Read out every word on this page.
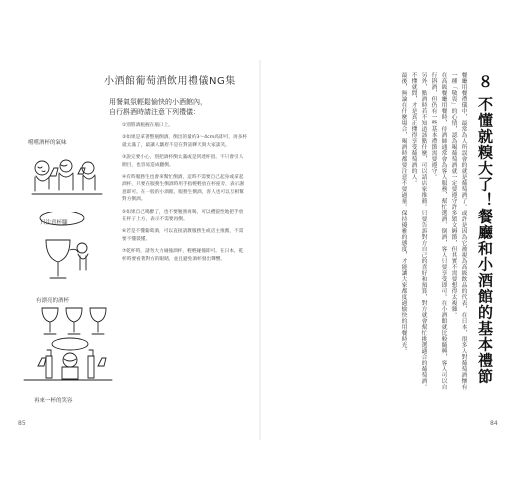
小酒館葡萄酒飲用禮儀NG集
用餐氣氛輕鬆愉快的小酒館內，
自行斟酒時請注意下列禮儀：
①別將酒瓶握在瓶口上。
②如果是拿著整瓶倒酒，倒出的量約3～4cm高即可，再多杯就太滿了，最讓人皺眉不是在對話聊天與大家談笑。
③說完要小心，別把酒杯倒太滿或是到達杯頂。不只會引人側目，也容易造成翻倒。
④有時服務生也會來幫忙倒酒，這時不需要自己起身或拿起酒杯，只要在服務生倒酒時用手指輕輕放在杯座旁，表示謝意即可。在一般的小酒館，服務生倒酒，客人也可以互相幫對方倒酒。
⑤如果自己喝醉了，也不要勉強再喝，可以禮貌性地把手放在杯子上方，表示不需要再倒。
⑥若是不懂葡萄酒，可以直接請教服務生或店主推薦，不需要不懂裝懂。
⑦乾杯時，請勿大力碰撞酒杯，輕輕碰撞即可。在日本，乾杯時要看著對方的眼睛，並且避免酒杯發出聲響。
嚐嚐酒杯的氣味
只注意杯腳
有漂亮的酒杯
再來一杯的笑容
85
８ 不懂就糗大了！餐廳和小酒館的基本禮節

餐廳用餐禮儀中，最常為人所誤會的就是葡萄酒了。或許是因為它被視為高級飲品的代表，在日本，很多人對葡萄酒懷有一種「敬畏」的心情，認為喝葡萄酒就一定要遵守許多繁文縟節，但其實不需要想得太複雜。

在高級餐廳用餐時，侍酒師通常會為客人服務，幫忙選酒、倒酒，客人只要享受即可。在小酒館就比較隨興，客人可以自行斟酒，但仍有一些基本禮節需要遵守。

另外，點酒時若不知道該點什麼，可以請店家推薦。只要告訴對方自己的喜好和預算，對方就會幫忙挑選適合的葡萄酒。不懂就問，才是真正懂得享受葡萄酒的人。

最後，無論在什麼場合，喝酒時都要注意不要過量。保持優雅的態度，才能讓大家都度過愉快的用餐時光。

84
